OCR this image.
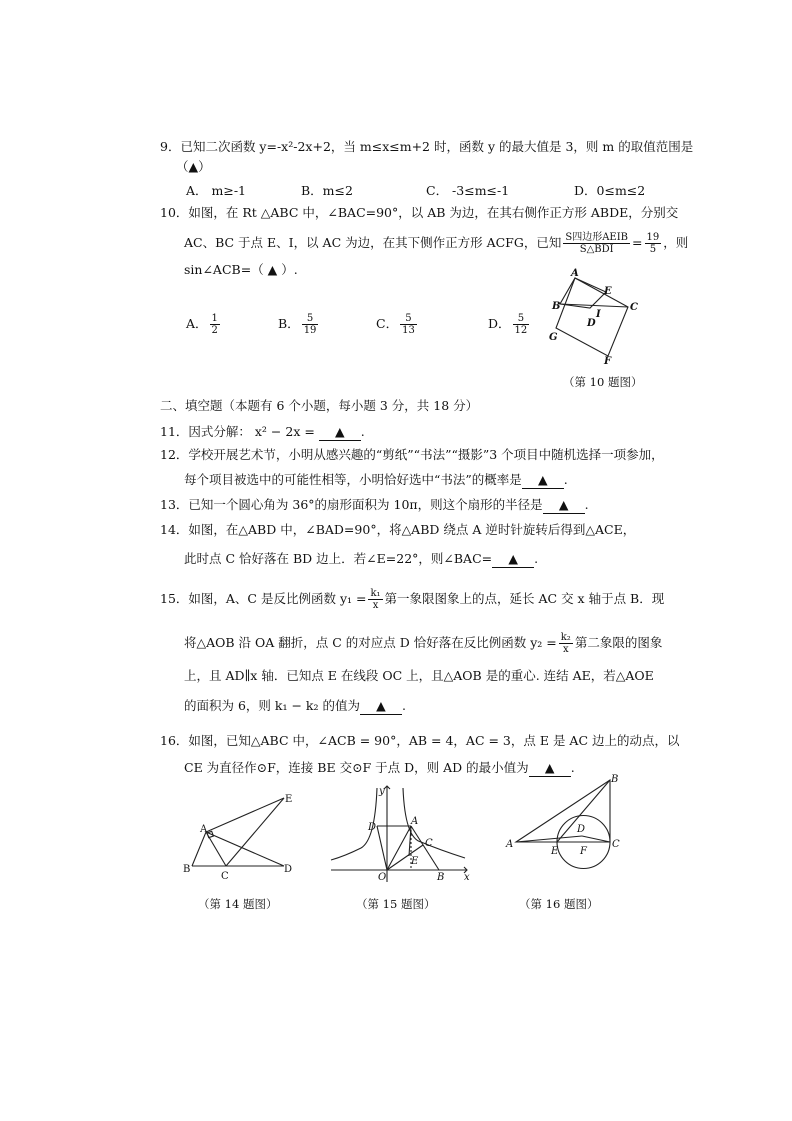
9．已知二次函数 y=-x²-2x+2，当 m≤x≤m+2 时，函数 y 的最大值是 3，则 m 的取值范围是
（▲）
A． m≥-1	B．m≤2	C． -3≤m≤-1	D．0≤m≤2
10．如图，在 Rt △ABC 中，∠BAC=90°，以 AB 为边，在其右侧作正方形 ABDE，分别交
AC、BC 于点 E、I，以 AC 为边，在其下侧作正方形 ACFG，已知 $\frac{\text{S四边形AEIB}}{\text{S△BDI}} = \frac{19}{5}$ ，则
sin∠ACB=（ ▲ ）.
A． $\frac{1}{2}$	B． $\frac{5}{19}$	C． $\frac{5}{13}$	D． $\frac{5}{12}$
A
B
E
C
I
D
G
F
（第 10 题图）
二、填空题（本题有 6 个小题，每小题 3 分，共 18 分）
11．因式分解： x² − 2x = ▲ .
12．学校开展艺术节，小明从感兴趣的“剪纸”“书法”“摄影”3 个项目中随机选择一项参加，
每个项目被选中的可能性相等，小明恰好选中“书法”的概率是 ▲ .
13．已知一个圆心角为 36°的扇形面积为 10π，则这个扇形的半径是 ▲ .
14．如图，在△ABD 中，∠BAD=90°，将△ABD 绕点 A 逆时针旋转后得到△ACE，
此时点 C 恰好落在 BD 边上．若∠E=22°，则∠BAC= ▲ .
15．如图，A、C 是反比例函数 $y_1 = \frac{\text{k₁}}{x}$ 第一象限图象上的点，延长 AC 交 x 轴于点 B．现
将△AOB 沿 OA 翻折，点 C 的对应点 D 恰好落在反比例函数 $y_2 = \frac{\text{k₂}}{x}$ 第二象限的图象
上，且 AD∥x 轴．已知点 E 在线段 OC 上，且△AOB 是的重心. 连结 AE，若△AOE
的面积为 6，则 k₁ − k₂ 的值为 ▲ .
16．如图，已知△ABC 中，∠ACB = 90°，AB = 4，AC = 3，点 E 是 AC 边上的动点，以
CE 为直径作⊙F，连接 BE 交⊙F 于点 D，则 AD 的最小值为 ▲ .
E
A
B
C
D
（第 14 题图）
y
D
A
C
E
O	B x
（第 15 题图）
B
A
D
E F
C
（第 16 题图）
